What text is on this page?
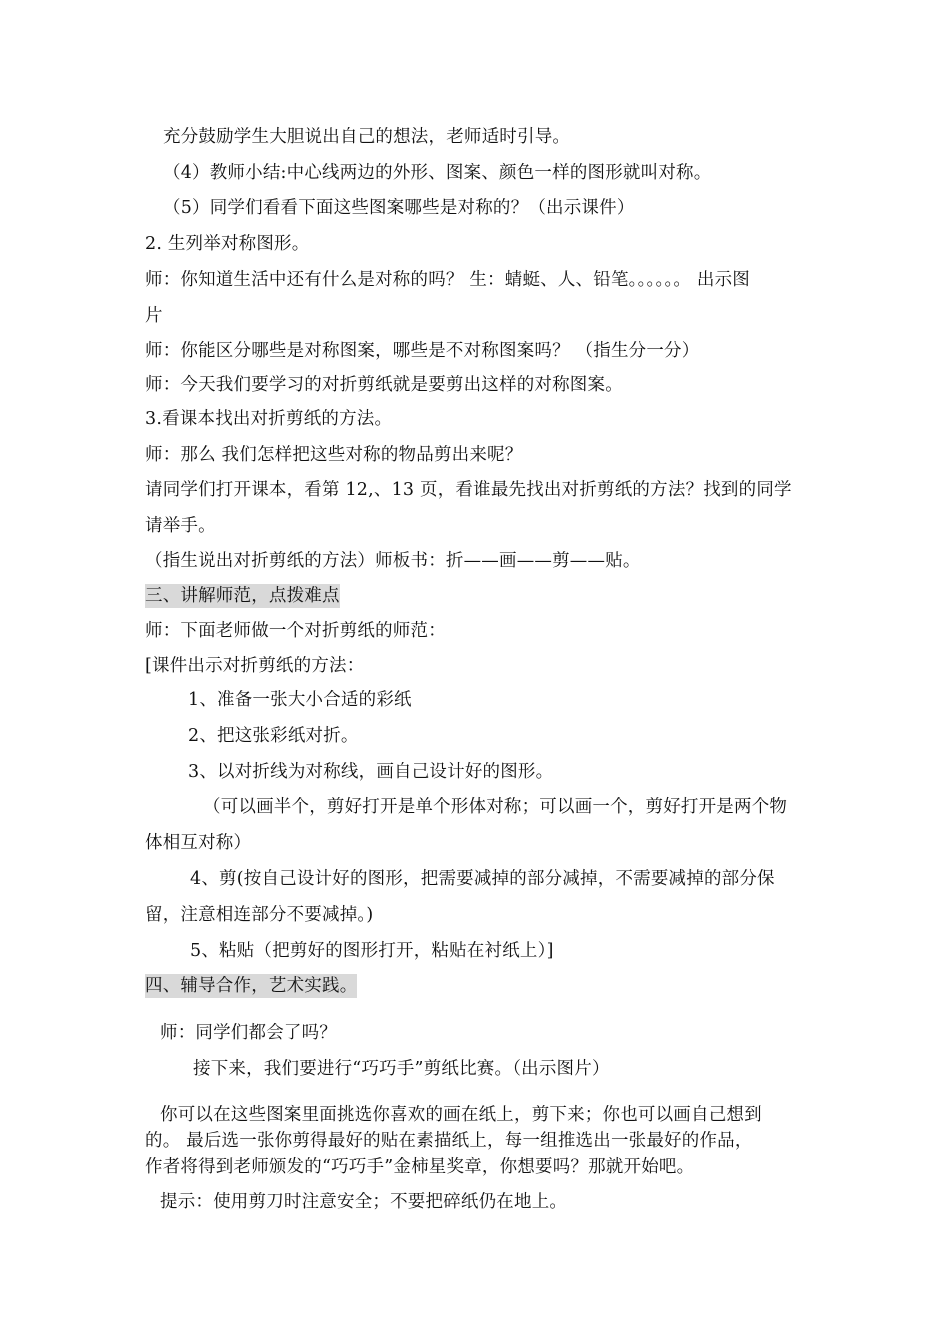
充分鼓励学生大胆说出自己的想法，老师适时引导。
（4）教师小结:中心线两边的外形、图案、颜色一样的图形就叫对称。
（5）同学们看看下面这些图案哪些是对称的？（出示课件）
2. 生列举对称图形。
师：你知道生活中还有什么是对称的吗？ 生：蜻蜓、人、铅笔。。。。。。 出示图
片
师：你能区分哪些是对称图案，哪些是不对称图案吗？ （指生分一分）
师：今天我们要学习的对折剪纸就是要剪出这样的对称图案。
3.看课本找出对折剪纸的方法。
师：那么 我们怎样把这些对称的物品剪出来呢？
请同学们打开课本，看第 12,、13 页，看谁最先找出对折剪纸的方法？找到的同学
请举手。
（指生说出对折剪纸的方法）师板书：折——画——剪——贴。
三、讲解师范，点拨难点
师：下面老师做一个对折剪纸的师范：
[课件出示对折剪纸的方法：
1、准备一张大小合适的彩纸
2、把这张彩纸对折。
3、以对折线为对称线，画自己设计好的图形。
（可以画半个，剪好打开是单个形体对称；可以画一个，剪好打开是两个物
体相互对称）
4、剪(按自己设计好的图形，把需要减掉的部分减掉，不需要减掉的部分保
留，注意相连部分不要减掉。)
5、粘贴（把剪好的图形打开，粘贴在衬纸上）]
四、辅导合作，艺术实践。
师：同学们都会了吗？
接下来，我们要进行“巧巧手”剪纸比赛。（出示图片）
你可以在这些图案里面挑选你喜欢的画在纸上，剪下来；你也可以画自己想到
的。 最后选一张你剪得最好的贴在素描纸上，每一组推选出一张最好的作品，
作者将得到老师颁发的“巧巧手”金柿星奖章，你想要吗？那就开始吧。
提示：使用剪刀时注意安全；不要把碎纸仍在地上。
